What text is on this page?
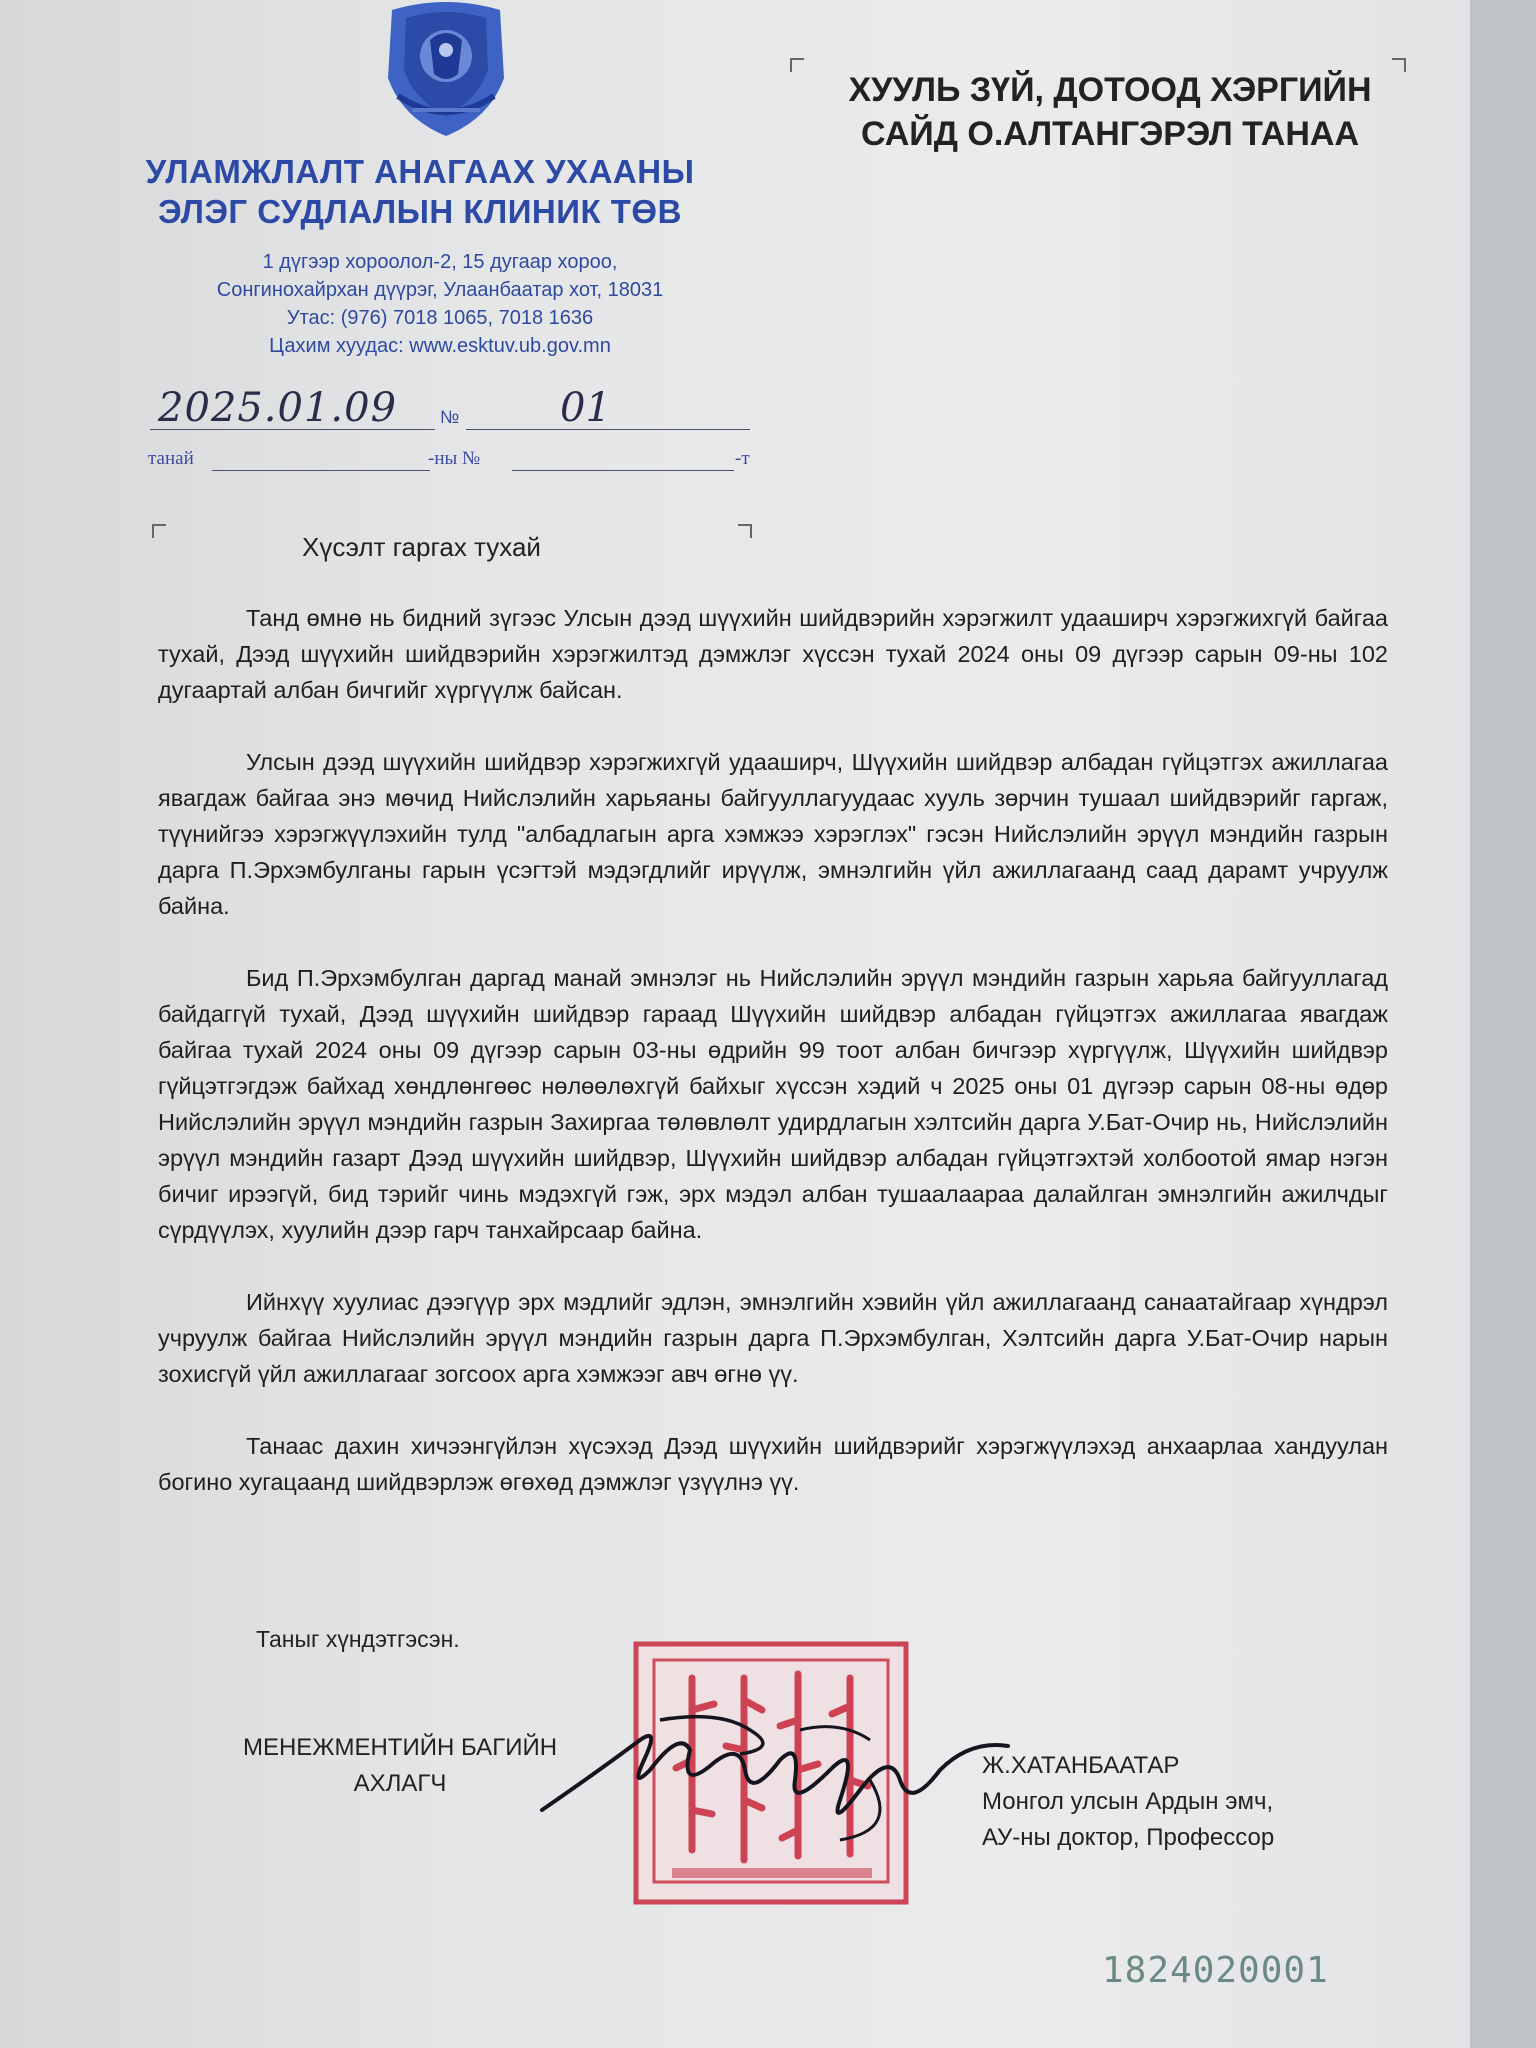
УЛАМЖЛАЛТ АНАГААХ УХААНЫ
ЭЛЭГ СУДЛАЛЫН КЛИНИК ТӨВ
1 дүгээр хороолол-2, 15 дугаар хороо,
Сонгинохайрхан дүүрэг, Улаанбаатар хот, 18031
Утас: (976) 7018 1065, 7018 1636
Цахим хуудас: www.esktuv.ub.gov.mn
2025.01.09 №	01
танай	-ны №	-т
ХУУЛЬ ЗҮЙ, ДОТООД ХЭРГИЙН
САЙД О.АЛТАНГЭРЭЛ ТАНАА
Хүсэлт гаргах тухай

Танд өмнө нь бидний зүгээс Улсын дээд шүүхийн шийдвэрийн хэрэгжилт удааширч хэрэгжихгүй байгаа тухай, Дээд шүүхийн шийдвэрийн хэрэгжилтэд дэмжлэг хүссэн тухай 2024 оны 09 дүгээр сарын 09-ны 102 дугаартай албан бичгийг хүргүүлж байсан.

Улсын дээд шүүхийн шийдвэр хэрэгжихгүй удааширч, Шүүхийн шийдвэр албадан гүйцэтгэх ажиллагаа явагдаж байгаа энэ мөчид Нийслэлийн харьяаны байгууллагуудаас хууль зөрчин тушаал шийдвэрийг гаргаж, түүнийгээ хэрэгжүүлэхийн тулд "албадлагын арга хэмжээ хэрэглэх" гэсэн Нийслэлийн эрүүл мэндийн газрын дарга П.Эрхэмбулганы гарын үсэгтэй мэдэгдлийг ирүүлж, эмнэлгийн үйл ажиллагаанд саад дарамт учруулж байна.

Бид П.Эрхэмбулган даргад манай эмнэлэг нь Нийслэлийн эрүүл мэндийн газрын харьяа байгууллагад байдаггүй тухай, Дээд шүүхийн шийдвэр гараад Шүүхийн шийдвэр албадан гүйцэтгэх ажиллагаа явагдаж байгаа тухай 2024 оны 09 дүгээр сарын 03-ны өдрийн 99 тоот албан бичгээр хүргүүлж, Шүүхийн шийдвэр гүйцэтгэгдэж байхад хөндлөнгөөс нөлөөлөхгүй байхыг хүссэн хэдий ч 2025 оны 01 дүгээр сарын 08-ны өдөр Нийслэлийн эрүүл мэндийн газрын Захиргаа төлөвлөлт удирдлагын хэлтсийн дарга У.Бат-Очир нь, Нийслэлийн эрүүл мэндийн газарт Дээд шүүхийн шийдвэр, Шүүхийн шийдвэр албадан гүйцэтгэхтэй холбоотой ямар нэгэн бичиг ирээгүй, бид тэрийг чинь мэдэхгүй гэж, эрх мэдэл албан тушаалаараа далайлган эмнэлгийн ажилчдыг сүрдүүлэх, хуулийн дээр гарч танхайрсаар байна.

Ийнхүү хуулиас дээгүүр эрх мэдлийг эдлэн, эмнэлгийн хэвийн үйл ажиллагаанд санаатайгаар хүндрэл учруулж байгаа Нийслэлийн эрүүл мэндийн газрын дарга П.Эрхэмбулган, Хэлтсийн дарга У.Бат-Очир нарын зохисгүй үйл ажиллагааг зогсоох арга хэмжээг авч өгнө үү.

Танаас дахин хичээнгүйлэн хүсэхэд Дээд шүүхийн шийдвэрийг хэрэгжүүлэхэд анхаарлаа хандуулан богино хугацаанд шийдвэрлэж өгөхөд дэмжлэг үзүүлнэ үү.

Таныг хүндэтгэсэн.
МЕНЕЖМЕНТИЙН БАГИЙН
АХЛАГЧ
Ж.ХАТАНБААТАР
Монгол улсын Ардын эмч,
АУ-ны доктор, Профессор
1824020001
